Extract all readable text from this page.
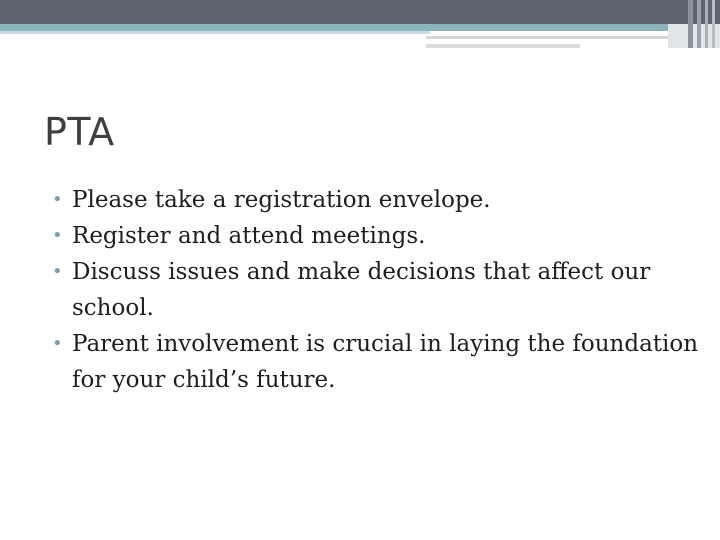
PTA
• Please take a registration envelope.
• Register and attend meetings.
• Discuss issues and make decisions that affect our school.
• Parent involvement is crucial in laying the foundation for your child’s future.
